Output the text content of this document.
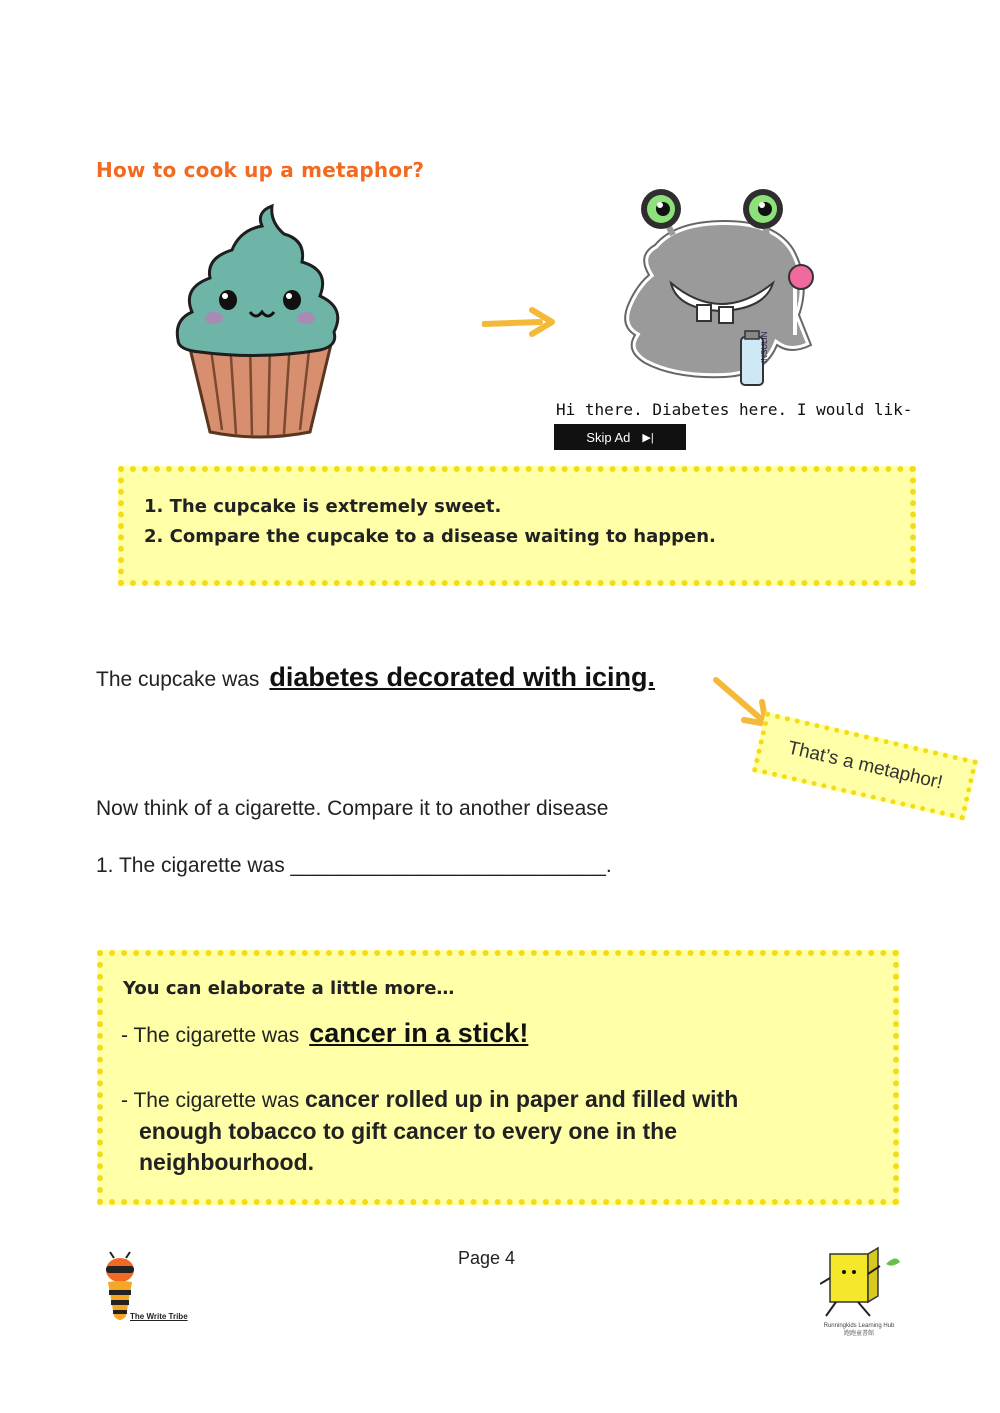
How to cook up a metaphor?
INSULIN
Hi there. Diabetes here. I would lik-
Skip Ad ▶|
1. The cupcake is extremely sweet.
2. Compare the cupcake to a disease waiting to happen.
The cupcake was diabetes decorated with icing.
That’s a metaphor!
Now think of a cigarette. Compare it to another disease
1. The cigarette was ___________________________.
You can elaborate a little more…
- The cigarette was cancer in a stick!
- The cigarette was cancer rolled up in paper and filled with
enough tobacco to gift cancer to every one in the
neighbourhood.
Page 4
The Write Tribe
Runningkids Learning Hub
跑跑童書館
